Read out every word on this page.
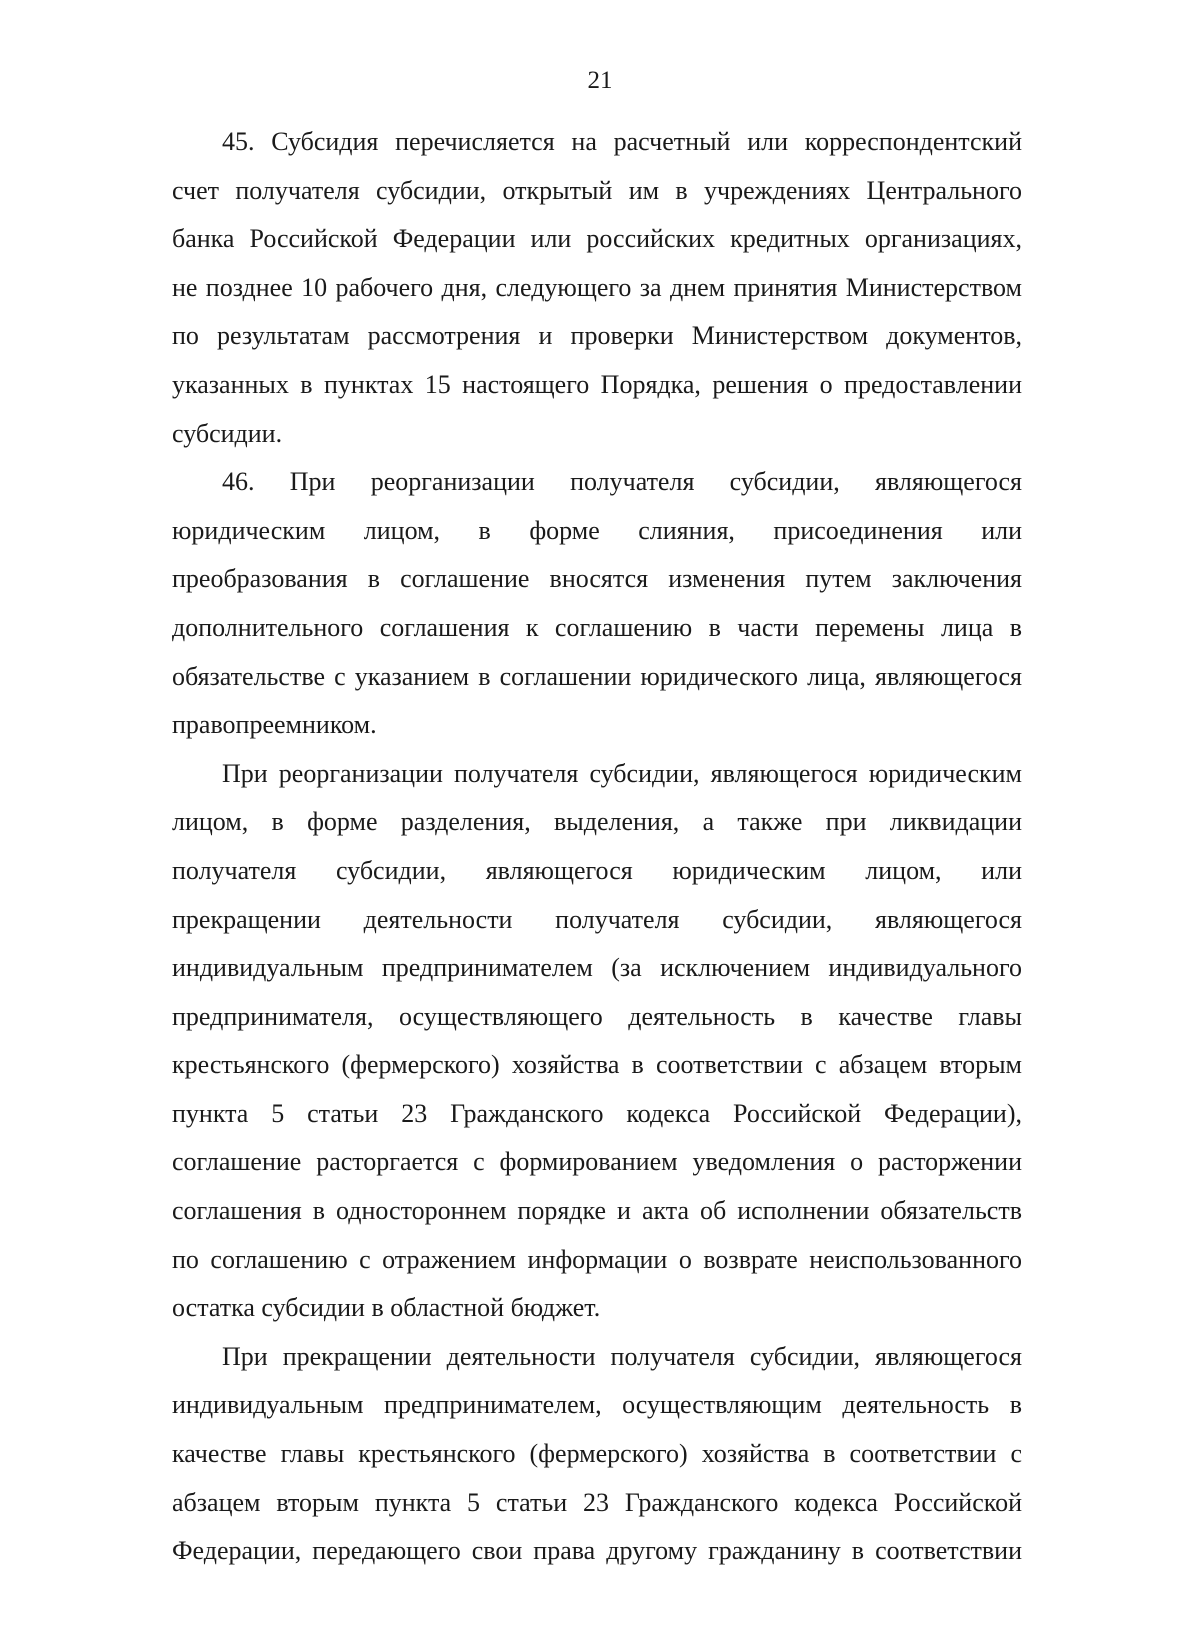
21
45. Субсидия перечисляется на расчетный или корреспондентский
счет получателя субсидии, открытый им в учреждениях Центрального
банка Российской Федерации или российских кредитных организациях,
не позднее 10 рабочего дня, следующего за днем принятия Министерством
по результатам рассмотрения и проверки Министерством документов,
указанных в пунктах 15 настоящего Порядка, решения о предоставлении
субсидии.
46. При реорганизации получателя субсидии, являющегося
юридическим лицом, в форме слияния, присоединения или
преобразования в соглашение вносятся изменения путем заключения
дополнительного соглашения к соглашению в части перемены лица в
обязательстве с указанием в соглашении юридического лица, являющегося
правопреемником.
При реорганизации получателя субсидии, являющегося юридическим
лицом, в форме разделения, выделения, а также при ликвидации
получателя субсидии, являющегося юридическим лицом, или
прекращении деятельности получателя субсидии, являющегося
индивидуальным предпринимателем (за исключением индивидуального
предпринимателя, осуществляющего деятельность в качестве главы
крестьянского (фермерского) хозяйства в соответствии с абзацем вторым
пункта 5 статьи 23 Гражданского кодекса Российской Федерации),
соглашение расторгается с формированием уведомления о расторжении
соглашения в одностороннем порядке и акта об исполнении обязательств
по соглашению с отражением информации о возврате неиспользованного
остатка субсидии в областной бюджет.
При прекращении деятельности получателя субсидии, являющегося
индивидуальным предпринимателем, осуществляющим деятельность в
качестве главы крестьянского (фермерского) хозяйства в соответствии с
абзацем вторым пункта 5 статьи 23 Гражданского кодекса Российской
Федерации, передающего свои права другому гражданину в соответствии
